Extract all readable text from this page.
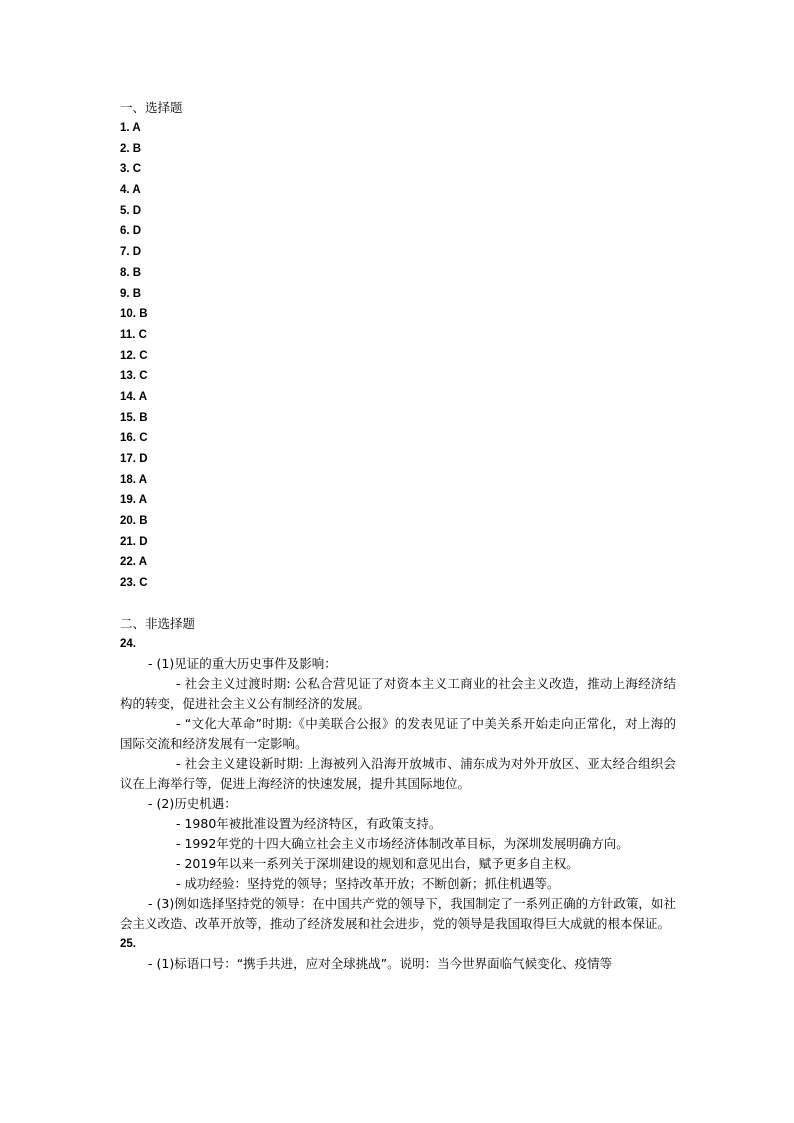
一、选择题
1. A
2. B
3. C
4. A
5. D
6. D
7. D
8. B
9. B
10. B
11. C
12. C
13. C
14. A
15. B
16. C
17. D
18. A
19. A
20. B
21. D
22. A
23. C
二、非选择题
24.
- (1)见证的重大历史事件及影响：
- 社会主义过渡时期: 公私合营见证了对资本主义工商业的社会主义改造，推动上海经济结构的转变，促进社会主义公有制经济的发展。
- “文化大革命”时期:《中美联合公报》的发表见证了中美关系开始走向正常化，对上海的国际交流和经济发展有一定影响。
- 社会主义建设新时期: 上海被列入沿海开放城市、浦东成为对外开放区、亚太经合组织会议在上海举行等，促进上海经济的快速发展，提升其国际地位。
- (2)历史机遇：
- 1980年被批准设置为经济特区，有政策支持。
- 1992年党的十四大确立社会主义市场经济体制改革目标，为深圳发展明确方向。
- 2019年以来一系列关于深圳建设的规划和意见出台，赋予更多自主权。
- 成功经验：坚持党的领导；坚持改革开放；不断创新；抓住机遇等。
- (3)例如选择坚持党的领导：在中国共产党的领导下，我国制定了一系列正确的方针政策，如社会主义改造、改革开放等，推动了经济发展和社会进步，党的领导是我国取得巨大成就的根本保证。
25.
- (1)标语口号：“携手共进，应对全球挑战”。说明：当今世界面临气候变化、疫情等
